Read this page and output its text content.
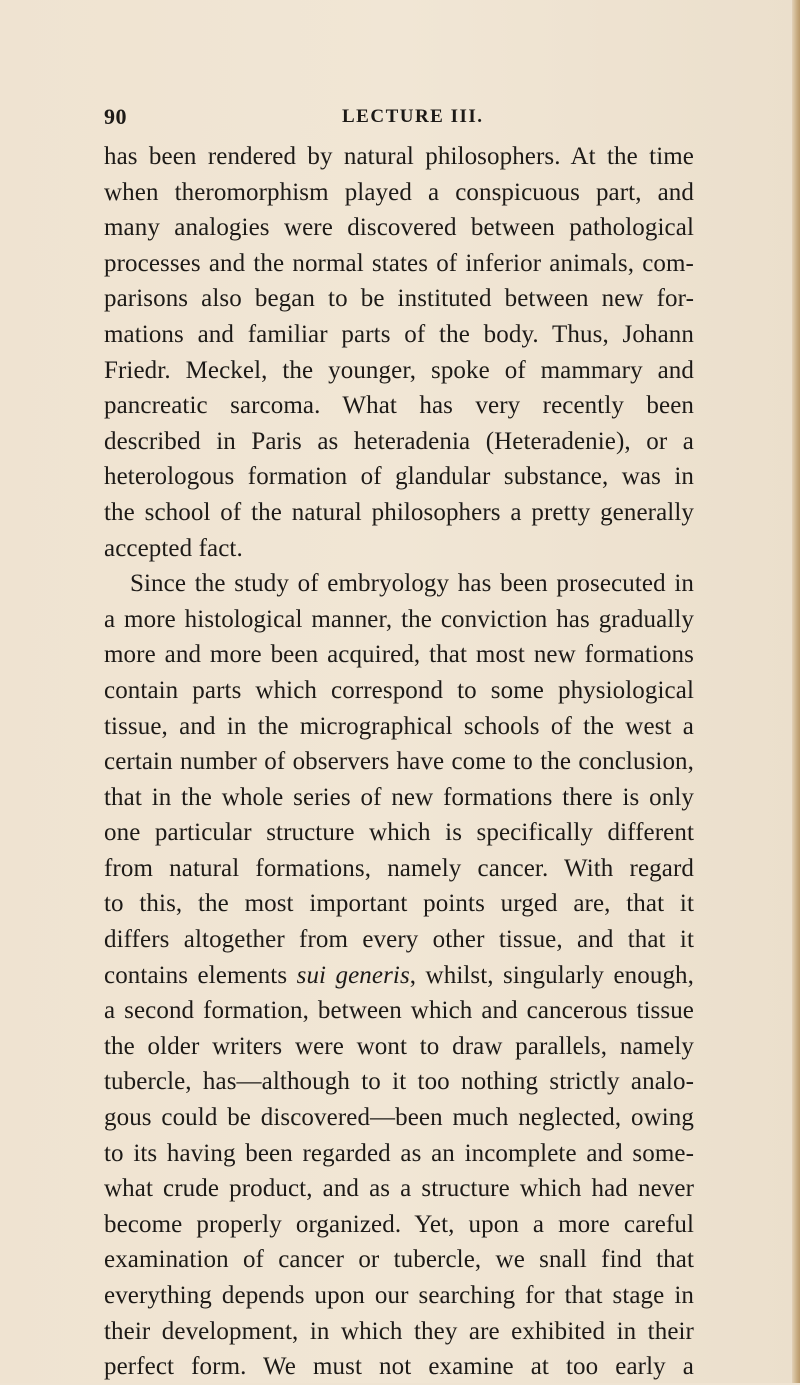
90	LECTURE III.
has been rendered by natural philosophers. At the time
when theromorphism played a conspicuous part, and
many analogies were discovered between pathological
processes and the normal states of inferior animals, com-
parisons also began to be instituted between new for-
mations and familiar parts of the body. Thus, Johann
Friedr. Meckel, the younger, spoke of mammary and
pancreatic sarcoma. What has very recently been
described in Paris as heteradenia (Heteradenie), or a
heterologous formation of glandular substance, was in
the school of the natural philosophers a pretty generally
accepted fact.
Since the study of embryology has been prosecuted in
a more histological manner, the conviction has gradually
more and more been acquired, that most new formations
contain parts which correspond to some physiological
tissue, and in the micrographical schools of the west a
certain number of observers have come to the conclusion,
that in the whole series of new formations there is only
one particular structure which is specifically different
from natural formations, namely cancer. With regard
to this, the most important points urged are, that it
differs altogether from every other tissue, and that it
contains elements sui generis, whilst, singularly enough,
a second formation, between which and cancerous tissue
the older writers were wont to draw parallels, namely
tubercle, has—although to it too nothing strictly analo-
gous could be discovered—been much neglected, owing
to its having been regarded as an incomplete and some-
what crude product, and as a structure which had never
become properly organized. Yet, upon a more careful
examination of cancer or tubercle, we snall find that
everything depends upon our searching for that stage in
their development, in which they are exhibited in their
perfect form. We must not examine at too early a
